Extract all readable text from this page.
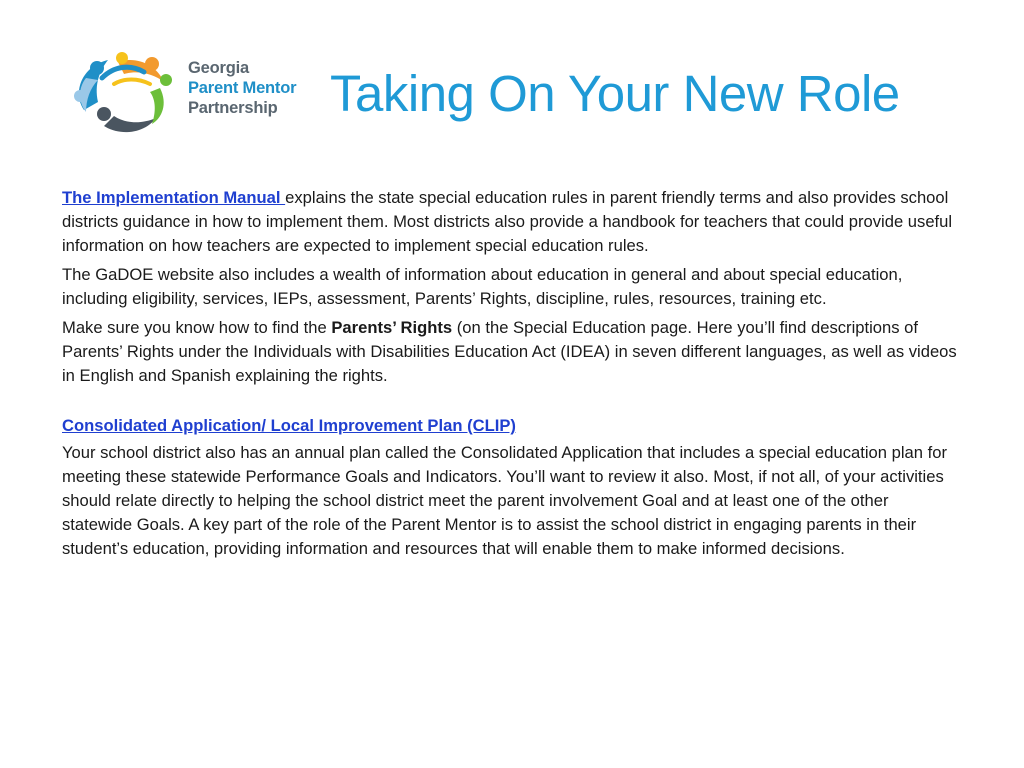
Georgia
Parent Mentor
Partnership	Taking On Your New Role

The Implementation Manual explains the state special education rules in parent friendly terms and also provides school districts guidance in how to implement them. Most districts also provide a handbook for teachers that could provide useful information on how teachers are expected to implement special education rules.

The GaDOE website also includes a wealth of information about education in general and about special education, including eligibility, services, IEPs, assessment, Parents’ Rights, discipline, rules, resources, training etc.

Make sure you know how to find the Parents’ Rights (on the Special Education page. Here you’ll find descriptions of Parents’ Rights under the Individuals with Disabilities Education Act (IDEA) in seven different languages, as well as videos in English and Spanish explaining the rights.

Consolidated Application/ Local Improvement Plan (CLIP)

Your school district also has an annual plan called the Consolidated Application that includes a special education plan for meeting these statewide Performance Goals and Indicators. You’ll want to review it also. Most, if not all, of your activities should relate directly to helping the school district meet the parent involvement Goal and at least one of the other statewide Goals. A key part of the role of the Parent Mentor is to assist the school district in engaging parents in their student’s education, providing information and resources that will enable them to make informed decisions.
